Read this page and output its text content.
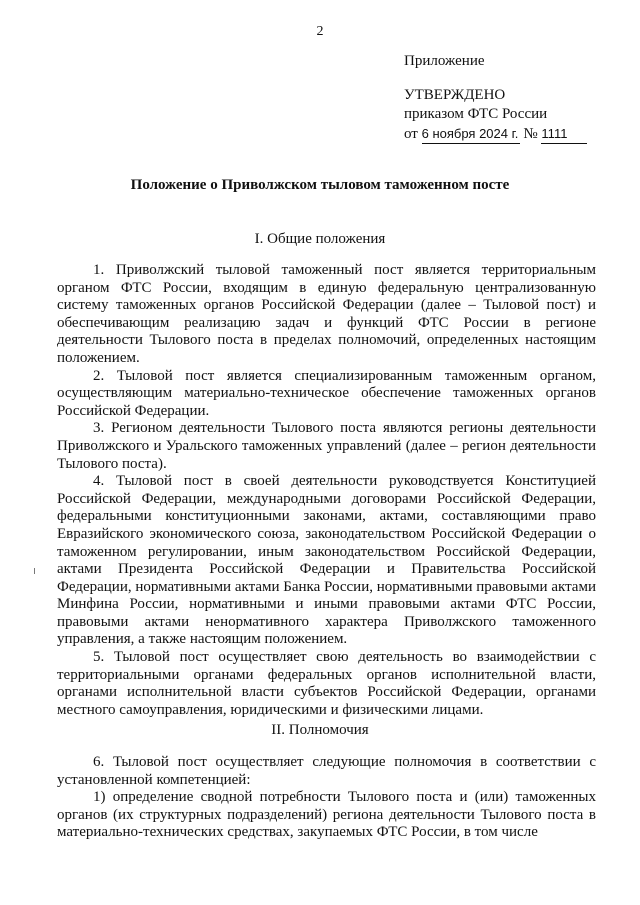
2
Приложение
УТВЕРЖДЕНО
приказом ФТС России
от 6 ноября 2024 г. № 1111
Положение о Приволжском тыловом таможенном посте
I. Общие положения

1. Приволжский тыловой таможенный пост является территориальным органом ФТС России, входящим в единую федеральную централизованную систему таможенных органов Российской Федерации (далее – Тыловой пост) и обеспечивающим реализацию задач и функций ФТС России в регионе деятельности Тылового поста в пределах полномочий, определенных настоящим положением.

2. Тыловой пост является специализированным таможенным органом, осуществляющим материально-техническое обеспечение таможенных органов Российской Федерации.

3. Регионом деятельности Тылового поста являются регионы деятельности Приволжского и Уральского таможенных управлений (далее – регион деятельности Тылового поста).

4. Тыловой пост в своей деятельности руководствуется Конституцией Российской Федерации, международными договорами Российской Федерации, федеральными конституционными законами, актами, составляющими право Евразийского экономического союза, законодательством Российской Федерации о таможенном регулировании, иным законодательством Российской Федерации, актами Президента Российской Федерации и Правительства Российской Федерации, нормативными актами Банка России, нормативными правовыми актами Минфина России, нормативными и иными правовыми актами ФТС России, правовыми актами ненормативного характера Приволжского таможенного управления, а также настоящим положением.

5. Тыловой пост осуществляет свою деятельность во взаимодействии с территориальными органами федеральных органов исполнительной власти, органами исполнительной власти субъектов Российской Федерации, органами местного самоуправления, юридическими и физическими лицами.

II. Полномочия

6. Тыловой пост осуществляет следующие полномочия в соответствии с установленной компетенцией:

1) определение сводной потребности Тылового поста и (или) таможенных органов (их структурных подразделений) региона деятельности Тылового поста в материально-технических средствах, закупаемых ФТС России, в том числе
